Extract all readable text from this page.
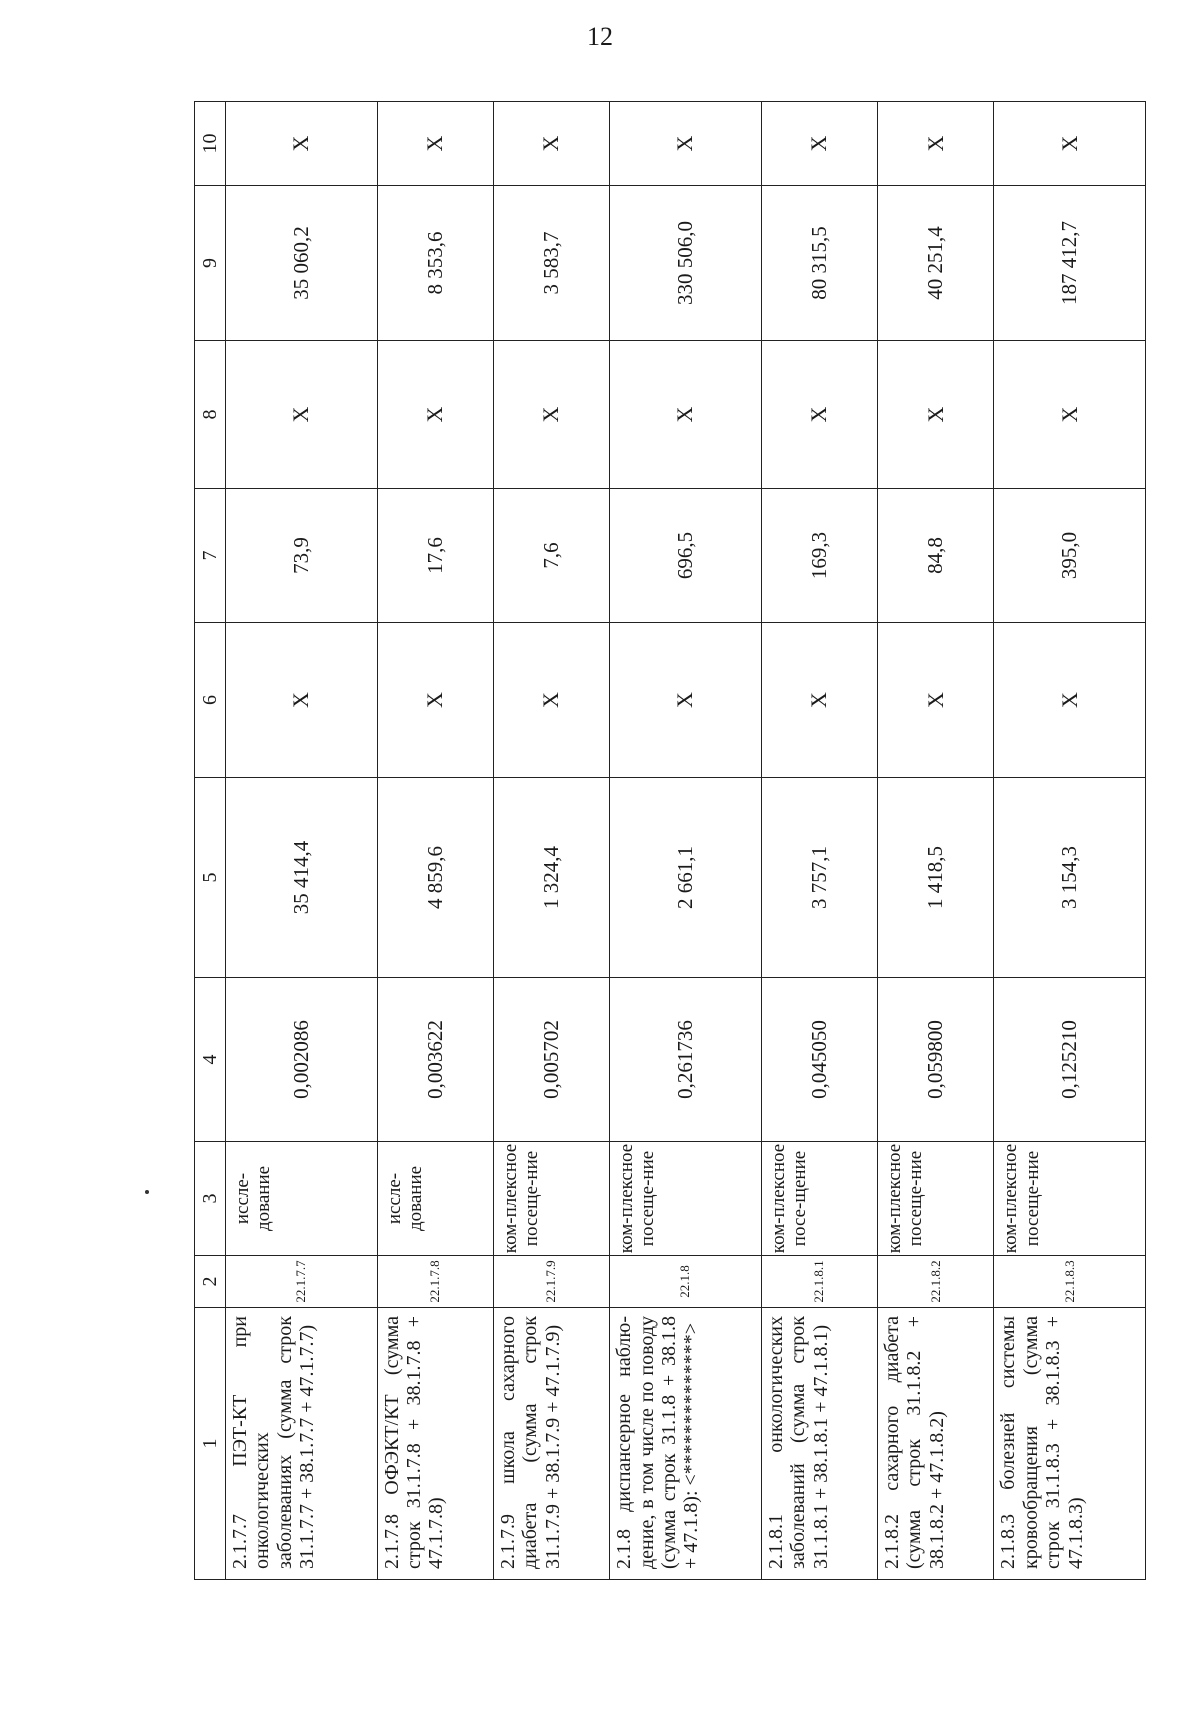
12
1	2	3	4	5	6	7	8	9	10
2.1.7.7 ПЭТ-КТ при онкологических заболеваниях (сумма строк 31.1.7.7 + 38.1.7.7 + 47.1.7.7)	22.1.7.7	иссле-дование	0,002086	35 414,4	X	73,9	X	35 060,2	X
2.1.7.8 ОФЭКТ/КТ (сумма строк 31.1.7.8 + 38.1.7.8 + 47.1.7.8)	22.1.7.8	иссле-дование	0,003622	4 859,6	X	17,6	X	8 353,6	X
2.1.7.9 школа сахарного диабета (сумма строк 31.1.7.9 + 38.1.7.9 + 47.1.7.9)	22.1.7.9	ком-плексное посеще-ние	0,005702	1 324,4	X	7,6	X	3 583,7	X
2.1.8 диспансерное наблю-дение, в том числе по поводу (сумма строк 31.1.8 + 38.1.8 + 47.1.8): <**************>	22.1.8	ком-плексное посеще-ние	0,261736	2 661,1	X	696,5	X	330 506,0	X
2.1.8.1 онкологических заболеваний (сумма строк 31.1.8.1 + 38.1.8.1 + 47.1.8.1)	22.1.8.1	ком-плексное посе-щение	0,045050	3 757,1	X	169,3	X	80 315,5	X
2.1.8.2 сахарного диабета (сумма строк 31.1.8.2 + 38.1.8.2 + 47.1.8.2)	22.1.8.2	ком-плексное посеще-ние	0,059800	1 418,5	X	84,8	X	40 251,4	X
2.1.8.3 болезней системы кровообращения (сумма строк 31.1.8.3 + 38.1.8.3 + 47.1.8.3)	22.1.8.3	ком-плексное посеще-ние	0,125210	3 154,3	X	395,0	X	187 412,7	X
